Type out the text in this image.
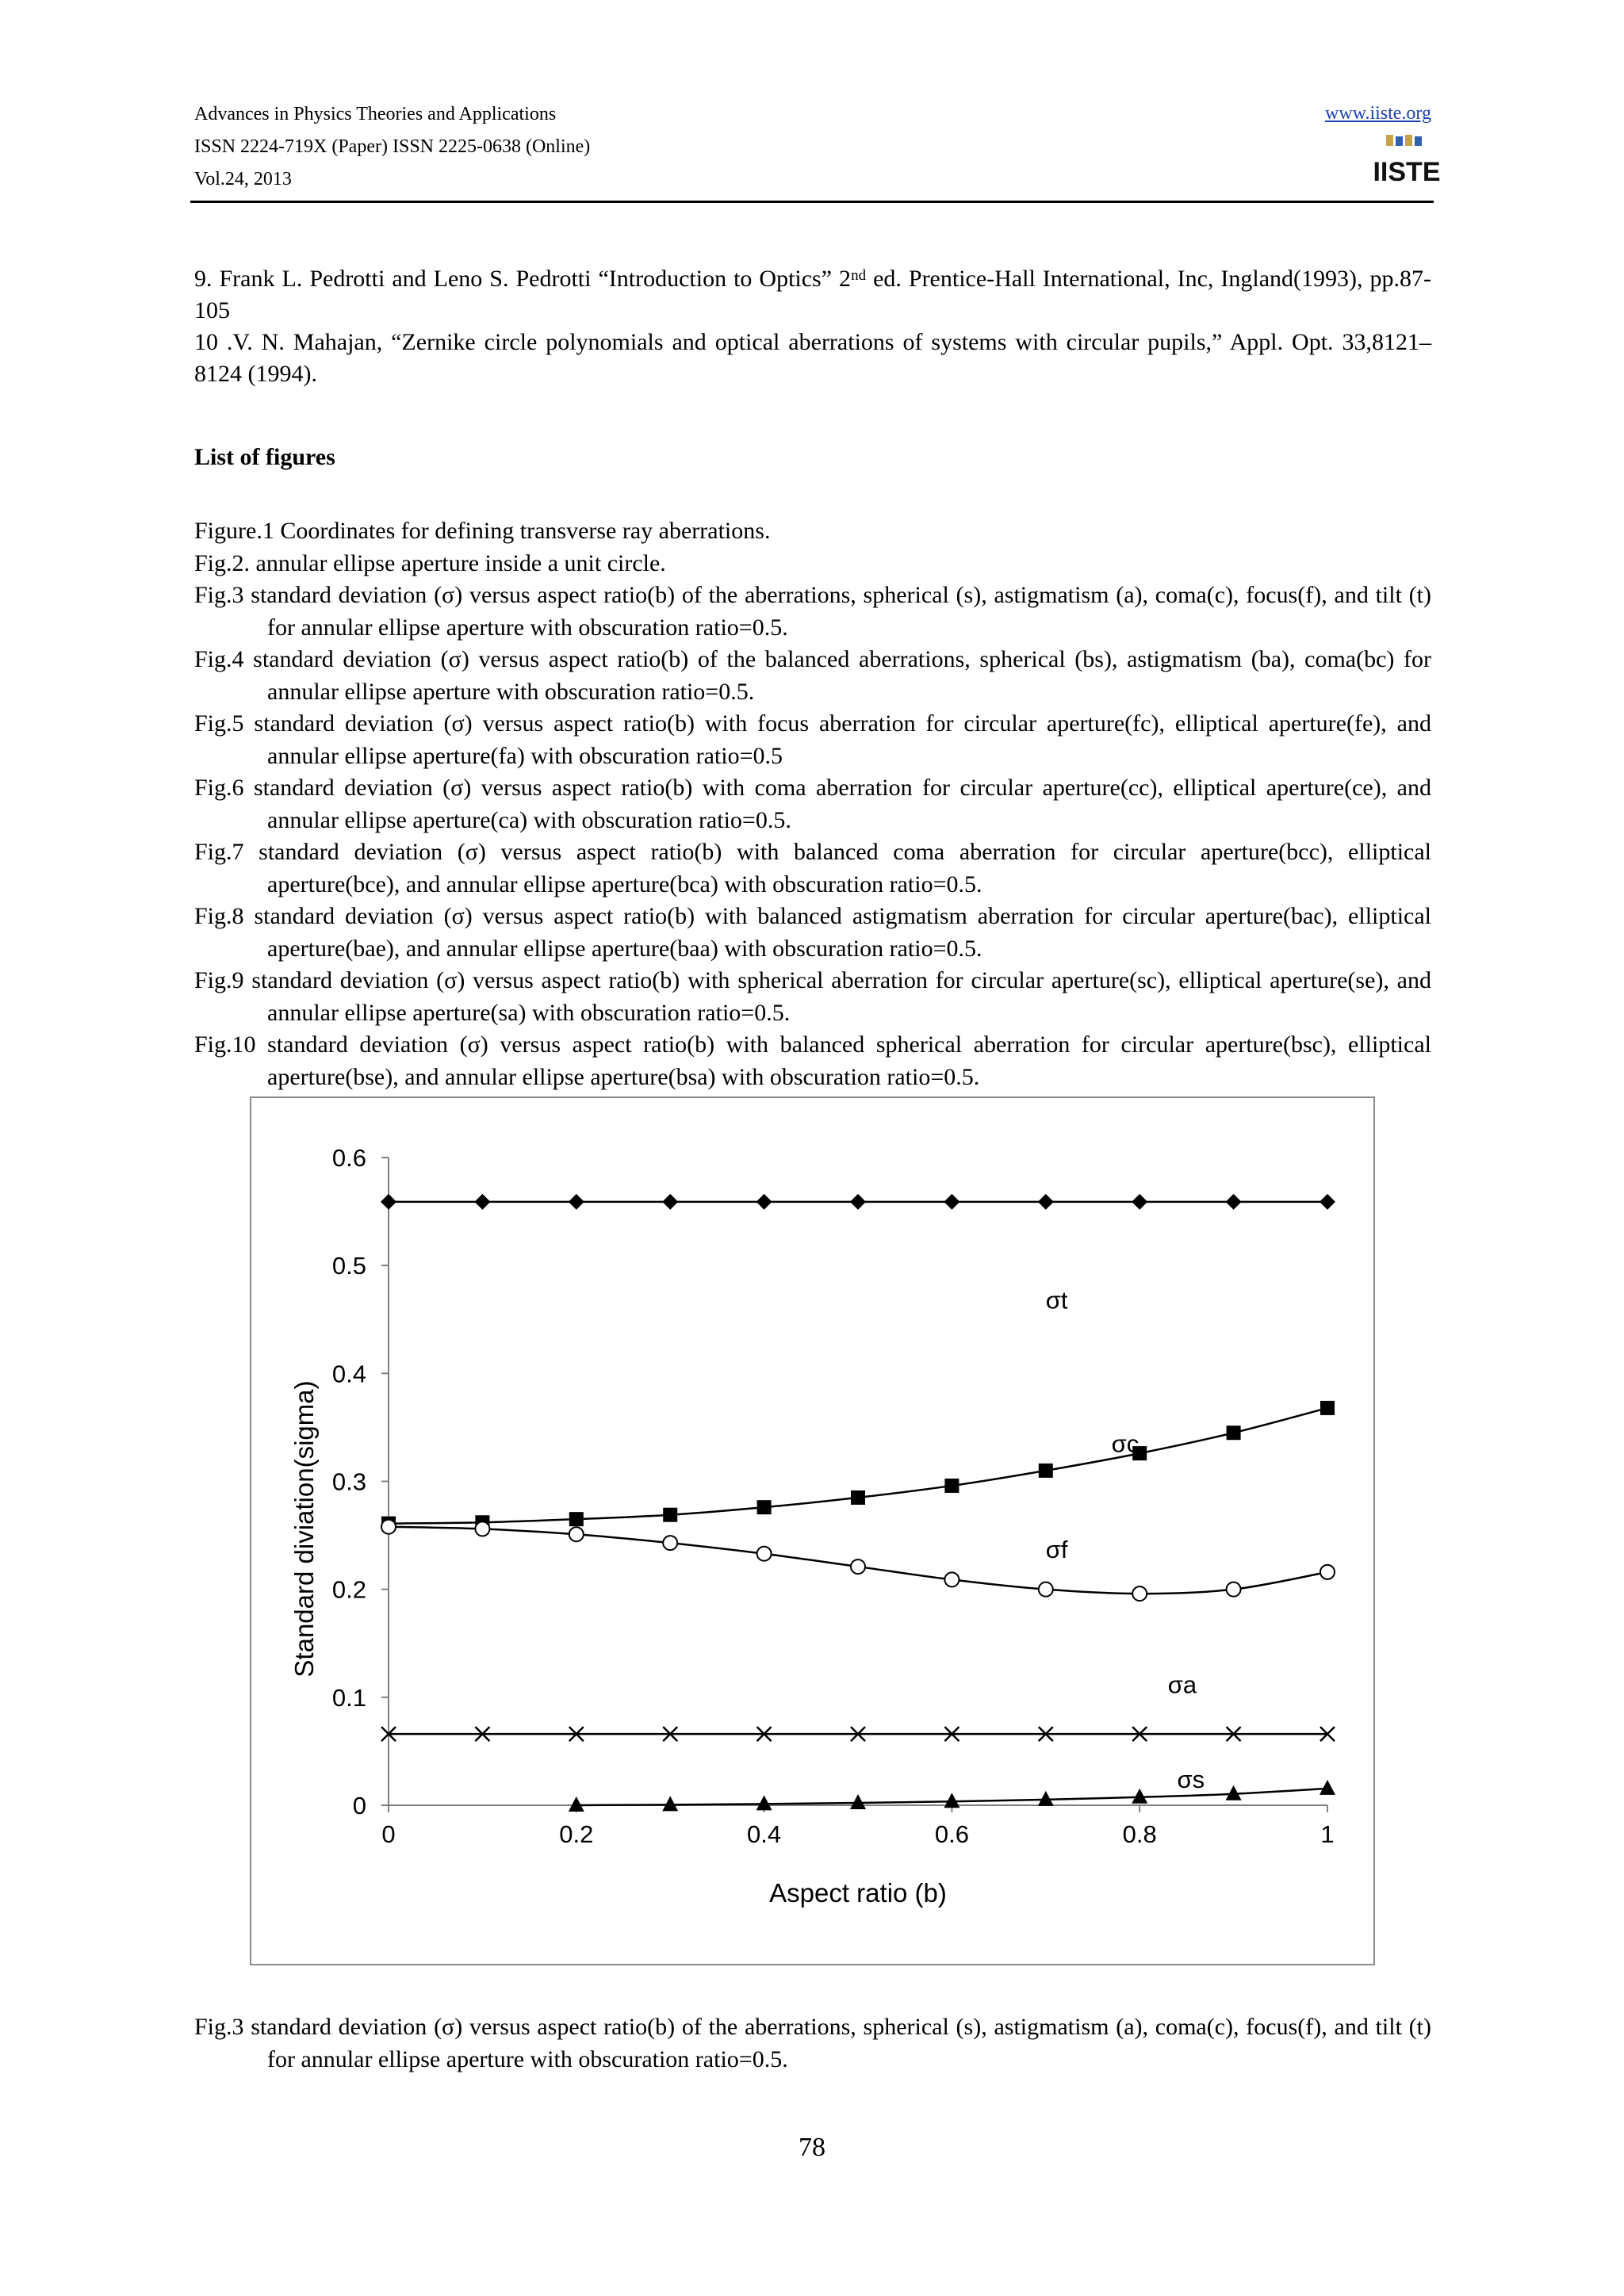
Advances in Physics Theories and Applications
ISSN 2224-719X (Paper) ISSN 2225-0638 (Online)
Vol.24, 2013
www.iiste.org
IISTE

9. Frank L. Pedrotti and Leno S. Pedrotti “Introduction to Optics” 2nd ed. Prentice-Hall International, Inc, Ingland(1993), pp.87-105

10 .V. N. Mahajan, “Zernike circle polynomials and optical aberrations of systems with circular pupils,” Appl. Opt. 33,8121–8124 (1994).

List of figures
Figure.1 Coordinates for defining transverse ray aberrations.
Fig.2. annular ellipse aperture inside a unit circle.
Fig.3 standard deviation (σ) versus aspect ratio(b) of the aberrations, spherical (s), astigmatism (a), coma(c), focus(f), and tilt (t) for annular ellipse aperture with obscuration ratio=0.5.
Fig.4 standard deviation (σ) versus aspect ratio(b) of the balanced aberrations, spherical (bs), astigmatism (ba), coma(bc) for annular ellipse aperture with obscuration ratio=0.5.
Fig.5 standard deviation (σ) versus aspect ratio(b) with focus aberration for circular aperture(fc), elliptical aperture(fe), and annular ellipse aperture(fa) with obscuration ratio=0.5
Fig.6 standard deviation (σ) versus aspect ratio(b) with coma aberration for circular aperture(cc), elliptical aperture(ce), and annular ellipse aperture(ca) with obscuration ratio=0.5.
Fig.7 standard deviation (σ) versus aspect ratio(b) with balanced coma aberration for circular aperture(bcc), elliptical aperture(bce), and annular ellipse aperture(bca) with obscuration ratio=0.5.
Fig.8 standard deviation (σ) versus aspect ratio(b) with balanced astigmatism aberration for circular aperture(bac), elliptical aperture(bae), and annular ellipse aperture(baa) with obscuration ratio=0.5.
Fig.9 standard deviation (σ) versus aspect ratio(b) with spherical aberration for circular aperture(sc), elliptical aperture(se), and annular ellipse aperture(sa) with obscuration ratio=0.5.
Fig.10 standard deviation (σ) versus aspect ratio(b) with balanced spherical aberration for circular aperture(bsc), elliptical aperture(bse), and annular ellipse aperture(bsa) with obscuration ratio=0.5.
0
0.1
0.2
0.3
0.4
0.5
0.6
0	0.2	0.4	0.6	0.8	1
Aspect ratio (b)
Standard diviation(sigma)
σt
σc
σf
σa
σs
Fig.3 standard deviation (σ) versus aspect ratio(b) of the aberrations, spherical (s), astigmatism (a), coma(c), focus(f), and tilt (t) for annular ellipse aperture with obscuration ratio=0.5.
78
